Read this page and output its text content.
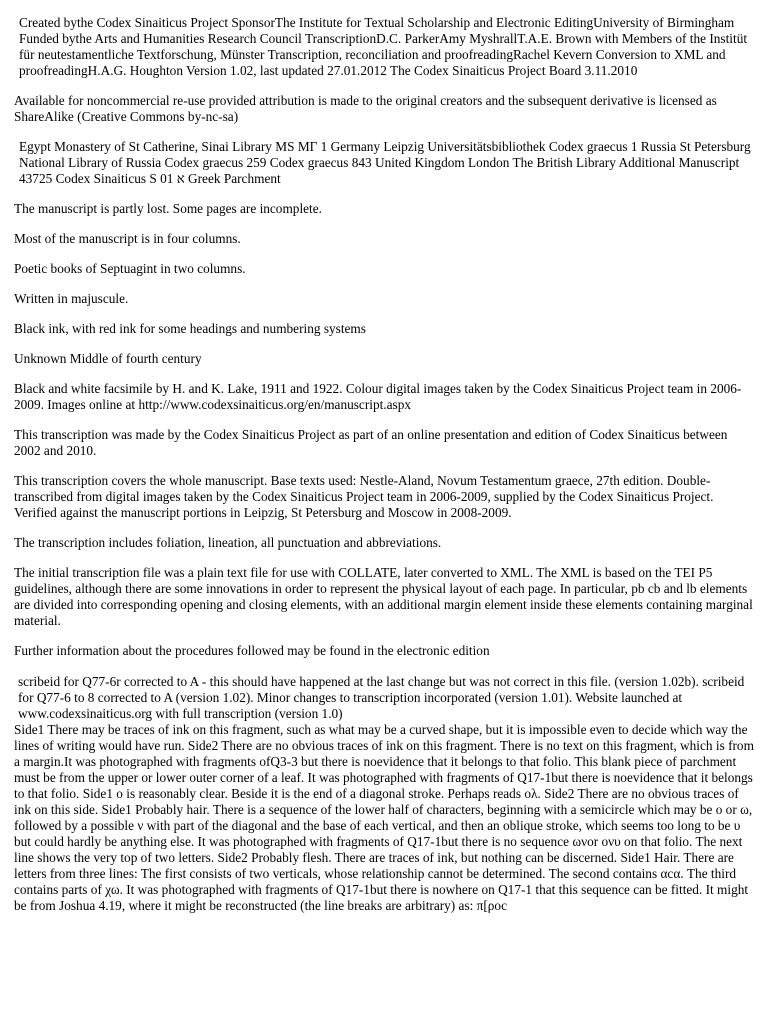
Created bythe Codex Sinaiticus Project SponsorThe Institute for Textual Scholarship and Electronic EditingUniversity of Birmingham Funded bythe Arts and Humanities Research Council TranscriptionD.C. ParkerAmy MyshrallT.A.E. Brown with Members of the Institüt für neutestamentliche Textforschung, Münster Transcription, reconciliation and proofreadingRachel Kevern Conversion to XML and proofreadingH.A.G. Houghton Version 1.02, last updated 27.01.2012 The Codex Sinaiticus Project Board 3.11.2010

Available for noncommercial re-use provided attribution is made to the original creators and the subsequent derivative is licensed as ShareAlike (Creative Commons by-nc-sa)

Egypt Monastery of St Catherine, Sinai Library MS ΜΓ 1 Germany Leipzig Universitätsbibliothek Codex graecus 1 Russia St Petersburg National Library of Russia Codex graecus 259 Codex graecus 843 United Kingdom London The British Library Additional Manuscript 43725 Codex Sinaiticus S 01 א Greek Parchment

The manuscript is partly lost. Some pages are incomplete.

Most of the manuscript is in four columns.

Poetic books of Septuagint in two columns.

Written in majuscule.

Black ink, with red ink for some headings and numbering systems

Unknown Middle of fourth century

Black and white facsimile by H. and K. Lake, 1911 and 1922. Colour digital images taken by the Codex Sinaiticus Project team in 2006-2009. Images online at http://www.codexsinaiticus.org/en/manuscript.aspx

This transcription was made by the Codex Sinaiticus Project as part of an online presentation and edition of Codex Sinaiticus between 2002 and 2010.

This transcription covers the whole manuscript. Base texts used: Nestle-Aland, Novum Testamentum graece, 27th edition. Double-transcribed from digital images taken by the Codex Sinaiticus Project team in 2006-2009, supplied by the Codex Sinaiticus Project. Verified against the manuscript portions in Leipzig, St Petersburg and Moscow in 2008-2009.

The transcription includes foliation, lineation, all punctuation and abbreviations.

The initial transcription file was a plain text file for use with COLLATE, later converted to XML. The XML is based on the TEI P5 guidelines, although there are some innovations in order to represent the physical layout of each page. In particular, pb cb and lb elements are divided into corresponding opening and closing elements, with an additional margin element inside these elements containing marginal material.

Further information about the procedures followed may be found in the electronic edition

scribeid for Q77-6r corrected to A - this should have happened at the last change but was not correct in this file. (version 1.02b). scribeid for Q77-6 to 8 corrected to A (version 1.02). Minor changes to transcription incorporated (version 1.01). Website launched at www.codexsinaiticus.org with full transcription (version 1.0)

Side1 There may be traces of ink on this fragment, such as what may be a curved shape, but it is impossible even to decide which way the lines of writing would have run. Side2 There are no obvious traces of ink on this fragment. There is no text on this fragment, which is from a margin.It was photographed with fragments ofQ3-3 but there is noevidence that it belongs to that folio. This blank piece of parchment must be from the upper or lower outer corner of a leaf. It was photographed with fragments of Q17-1but there is noevidence that it belongs to that folio. Side1 ο is reasonably clear. Beside it is the end of a diagonal stroke. Perhaps reads ολ. Side2 There are no obvious traces of ink on this side. Side1 Probably hair. There is a sequence of the lower half of characters, beginning with a semicircle which may be ο or ω, followed by a possible ν with part of the diagonal and the base of each vertical, and then an oblique stroke, which seems too long to be υ but could hardly be anything else. It was photographed with fragments of Q17-1but there is no sequence ωνοr ονυ on that folio. The next line shows the very top of two letters. Side2 Probably flesh. There are traces of ink, but nothing can be discerned. Side1 Hair. There are letters from three lines: The first consists of two verticals, whose relationship cannot be determined. The second contains αcα. The third contains parts of χω. It was photographed with fragments of Q17-1but there is nowhere on Q17-1 that this sequence can be fitted. It might be from Joshua 4.19, where it might be reconstructed (the line breaks are arbitrary) as: π[ροc
